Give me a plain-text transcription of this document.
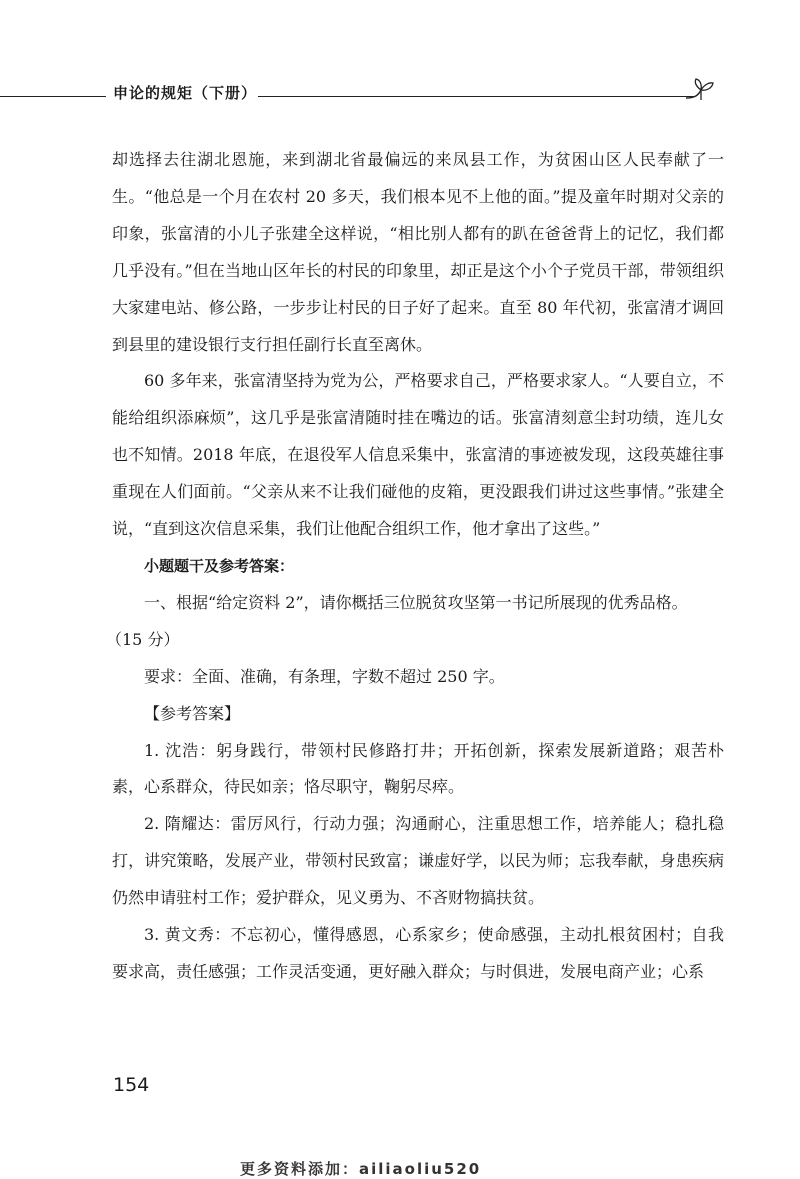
申论的规矩（下册）

却选择去往湖北恩施，来到湖北省最偏远的来凤县工作，为贫困山区人民奉献了一生。“他总是一个月在农村 20 多天，我们根本见不上他的面。”提及童年时期对父亲的印象，张富清的小儿子张建全这样说，“相比别人都有的趴在爸爸背上的记忆，我们都几乎没有。”但在当地山区年长的村民的印象里，却正是这个小个子党员干部，带领组织大家建电站、修公路，一步步让村民的日子好了起来。直至 80 年代初，张富清才调回到县里的建设银行支行担任副行长直至离休。

60 多年来，张富清坚持为党为公，严格要求自己，严格要求家人。“人要自立，不能给组织添麻烦”，这几乎是张富清随时挂在嘴边的话。张富清刻意尘封功绩，连儿女也不知情。2018 年底，在退役军人信息采集中，张富清的事迹被发现，这段英雄往事重现在人们面前。“父亲从来不让我们碰他的皮箱，更没跟我们讲过这些事情。”张建全说，“直到这次信息采集，我们让他配合组织工作，他才拿出了这些。”

小题题干及参考答案：

一、根据“给定资料 2”，请你概括三位脱贫攻坚第一书记所展现的优秀品格。

（15 分）

要求：全面、准确，有条理，字数不超过 250 字。

【参考答案】

1. 沈浩：躬身践行，带领村民修路打井；开拓创新，探索发展新道路；艰苦朴素，心系群众，待民如亲；恪尽职守，鞠躬尽瘁。

2. 隋耀达：雷厉风行，行动力强；沟通耐心，注重思想工作，培养能人；稳扎稳打，讲究策略，发展产业，带领村民致富；谦虚好学，以民为师；忘我奉献，身患疾病仍然申请驻村工作；爱护群众，见义勇为、不吝财物搞扶贫。

3. 黄文秀：不忘初心，懂得感恩，心系家乡；使命感强，主动扎根贫困村；自我要求高，责任感强；工作灵活变通，更好融入群众；与时俱进，发展电商产业；心系

154
更多资料添加：ailiaoliu520
